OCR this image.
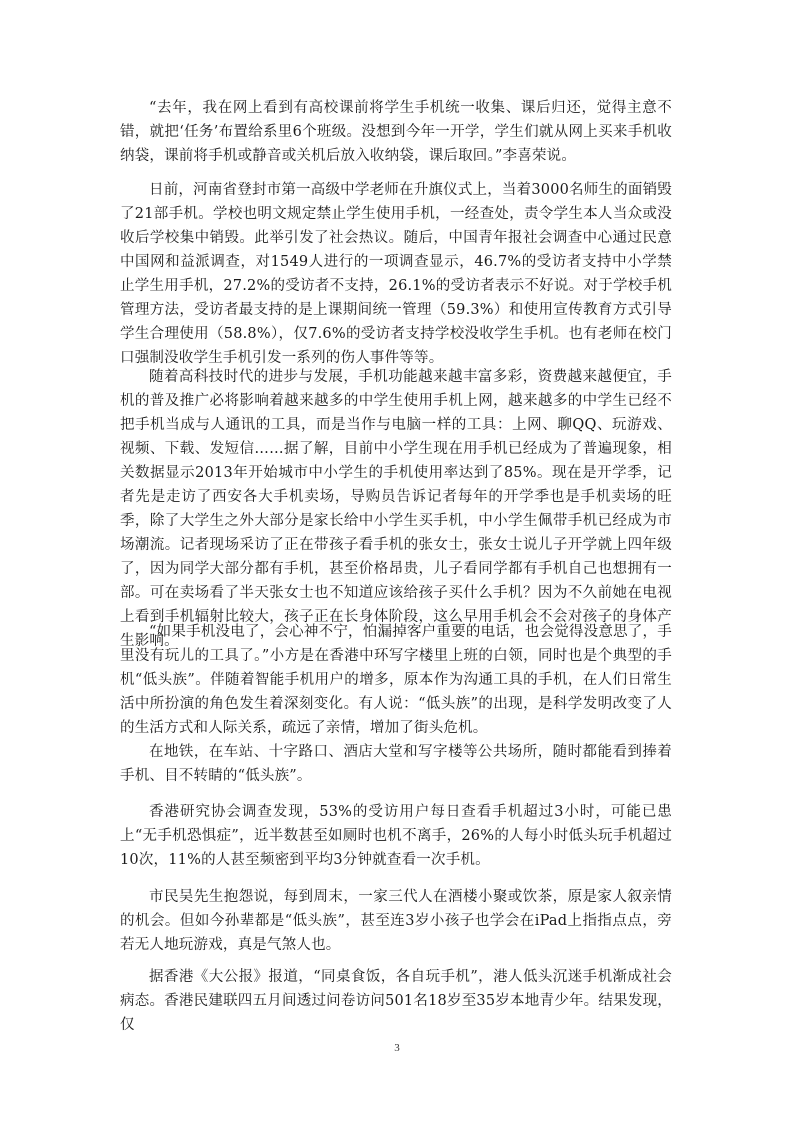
“去年，我在网上看到有高校课前将学生手机统一收集、课后归还，觉得主意不错，就把‘任务’布置给系里6个班级。没想到今年一开学，学生们就从网上买来手机收纳袋，课前将手机或静音或关机后放入收纳袋，课后取回。”李喜荣说。

日前，河南省登封市第一高级中学老师在升旗仪式上，当着3000名师生的面销毁了21部手机。学校也明文规定禁止学生使用手机，一经查处，责令学生本人当众或没收后学校集中销毁。此举引发了社会热议。随后，中国青年报社会调查中心通过民意中国网和益派调查，对1549人进行的一项调查显示，46.7%的受访者支持中小学禁止学生用手机，27.2%的受访者不支持，26.1%的受访者表示不好说。对于学校手机管理方法，受访者最支持的是上课期间统一管理（59.3%）和使用宣传教育方式引导学生合理使用（58.8%），仅7.6%的受访者支持学校没收学生手机。也有老师在校门口强制没收学生手机引发一系列的伤人事件等等。

随着高科技时代的进步与发展，手机功能越来越丰富多彩，资费越来越便宜，手机的普及推广必将影响着越来越多的中学生使用手机上网，越来越多的中学生已经不把手机当成与人通讯的工具，而是当作与电脑一样的工具：上网、聊QQ、玩游戏、视频、下载、发短信……据了解，目前中小学生现在用手机已经成为了普遍现象，相关数据显示2013年开始城市中小学生的手机使用率达到了85%。现在是开学季，记者先是走访了西安各大手机卖场，导购员告诉记者每年的开学季也是手机卖场的旺季，除了大学生之外大部分是家长给中小学生买手机，中小学生佩带手机已经成为市场潮流。记者现场采访了正在带孩子看手机的张女士，张女士说儿子开学就上四年级了，因为同学大部分都有手机，甚至价格昂贵，儿子看同学都有手机自己也想拥有一部。可在卖场看了半天张女士也不知道应该给孩子买什么手机？因为不久前她在电视上看到手机辐射比较大，孩子正在长身体阶段，这么早用手机会不会对孩子的身体产生影响。

“如果手机没电了，会心神不宁，怕漏掉客户重要的电话，也会觉得没意思了，手里没有玩儿的工具了。”小方是在香港中环写字楼里上班的白领，同时也是个典型的手机“低头族”。伴随着智能手机用户的增多，原本作为沟通工具的手机，在人们日常生活中所扮演的角色发生着深刻变化。有人说：“低头族”的出现，是科学发明改变了人的生活方式和人际关系，疏远了亲情，增加了街头危机。

在地铁，在车站、十字路口、酒店大堂和写字楼等公共场所，随时都能看到捧着手机、目不转睛的“低头族”。

香港研究协会调查发现，53%的受访用户每日查看手机超过3小时，可能已患上“无手机恐惧症”，近半数甚至如厕时也机不离手，26%的人每小时低头玩手机超过10次，11%的人甚至频密到平均3分钟就查看一次手机。

市民吴先生抱怨说，每到周末，一家三代人在酒楼小聚或饮茶，原是家人叙亲情的机会。但如今孙辈都是“低头族”，甚至连3岁小孩子也学会在iPad上指指点点，旁若无人地玩游戏，真是气煞人也。

据香港《大公报》报道，“同桌食饭，各自玩手机”，港人低头沉迷手机渐成社会病态。香港民建联四五月间透过问卷访问501名18岁至35岁本地青少年。结果发现，仅

3
